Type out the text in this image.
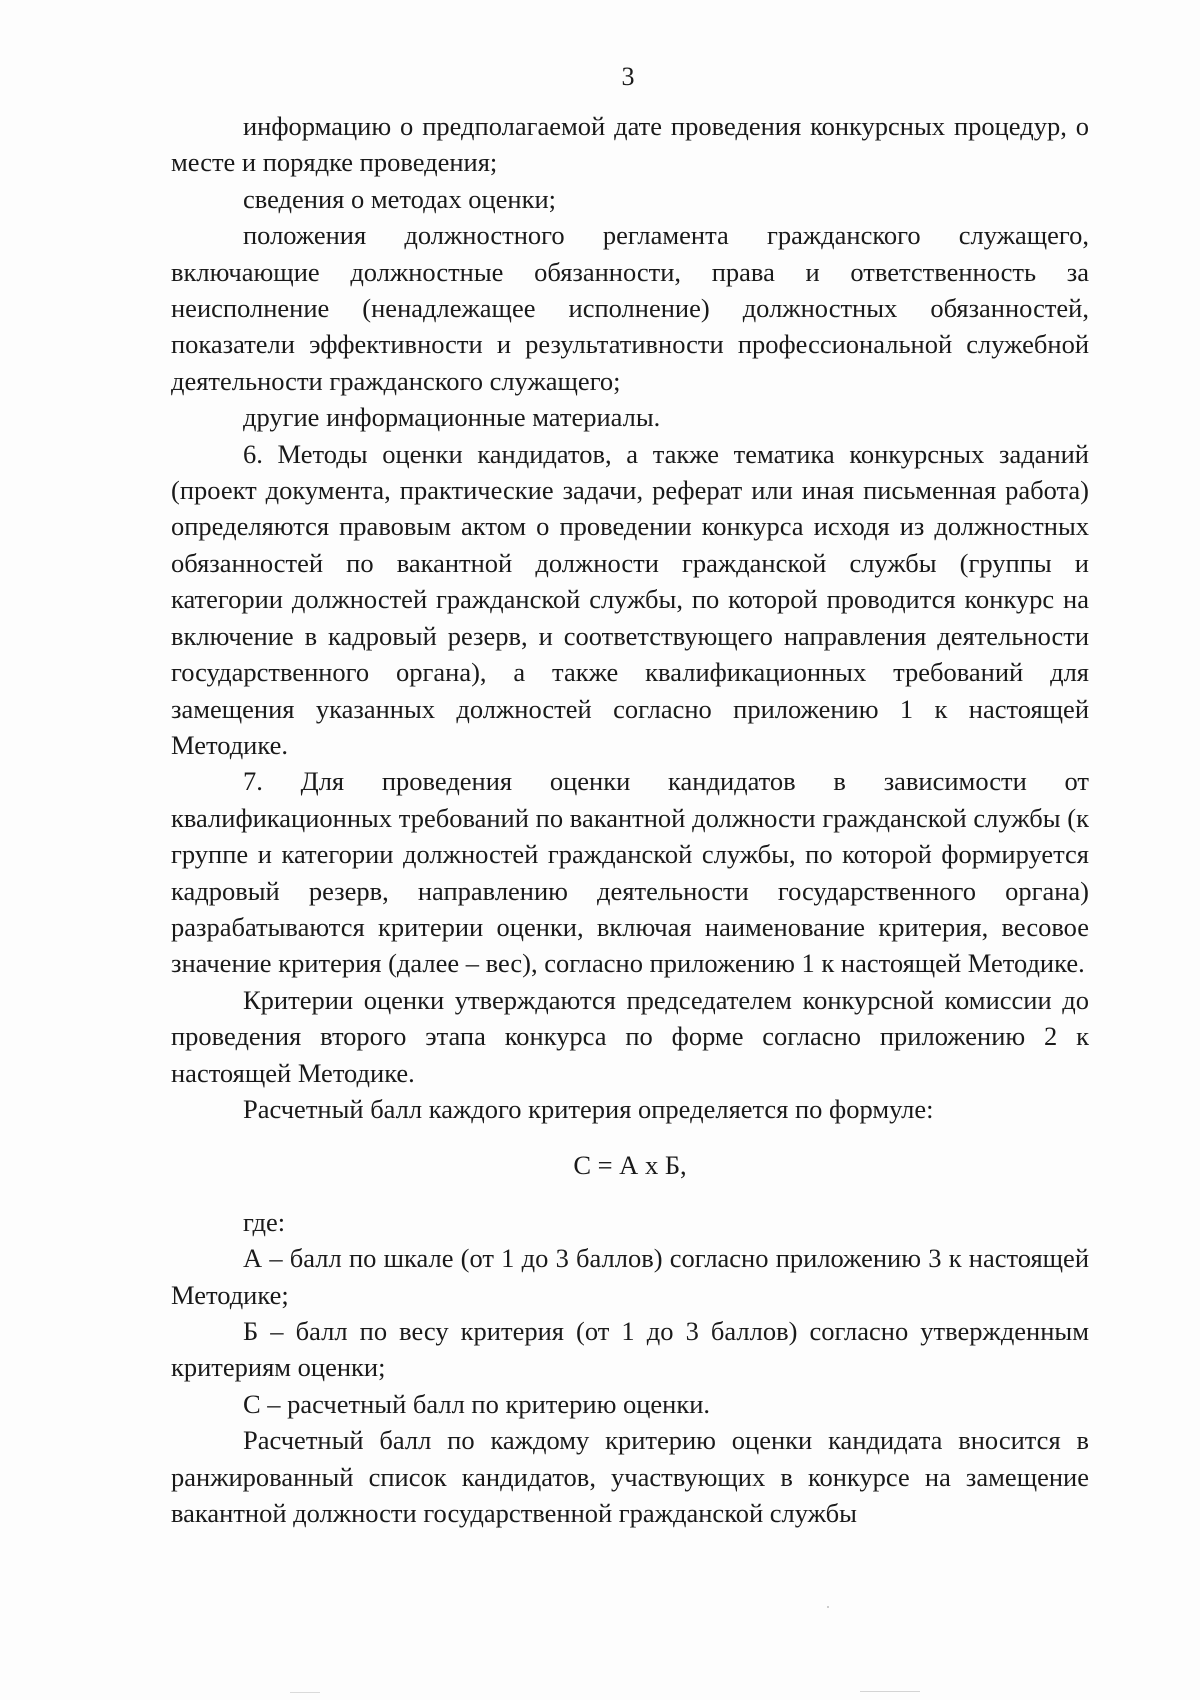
3

информацию о предполагаемой дате проведения конкурсных процедур, о месте и порядке проведения;

сведения о методах оценки;

положения должностного регламента гражданского служащего, включающие должностные обязанности, права и ответственность за неисполнение (ненадлежащее исполнение) должностных обязанностей, показатели эффективности и результативности профессиональной служебной деятельности гражданского служащего;

другие информационные материалы.

6. Методы оценки кандидатов, а также тематика конкурсных заданий (проект документа, практические задачи, реферат или иная письменная работа) определяются правовым актом о проведении конкурса исходя из должностных обязанностей по вакантной должности гражданской службы (группы и категории должностей гражданской службы, по которой проводится конкурс на включение в кадровый резерв, и соответствующего направления деятельности государственного органа), а также квалификационных требований для замещения указанных должностей согласно приложению 1 к настоящей Методике.

7. Для проведения оценки кандидатов в зависимости от квалификационных требований по вакантной должности гражданской службы (к группе и категории должностей гражданской службы, по которой формируется кадровый резерв, направлению деятельности государственного органа) разрабатываются критерии оценки, включая наименование критерия, весовое значение критерия (далее – вес), согласно приложению 1 к настоящей Методике.

Критерии оценки утверждаются председателем конкурсной комиссии до проведения второго этапа конкурса по форме согласно приложению 2 к настоящей Методике.

Расчетный балл каждого критерия определяется по формуле:

С = А х Б,

где:

А – балл по шкале (от 1 до 3 баллов) согласно приложению 3 к настоящей Методике;

Б – балл по весу критерия (от 1 до 3 баллов) согласно утвержденным критериям оценки;

С – расчетный балл по критерию оценки.

Расчетный балл по каждому критерию оценки кандидата вносится в ранжированный список кандидатов, участвующих в конкурсе на замещение вакантной должности государственной гражданской службы
